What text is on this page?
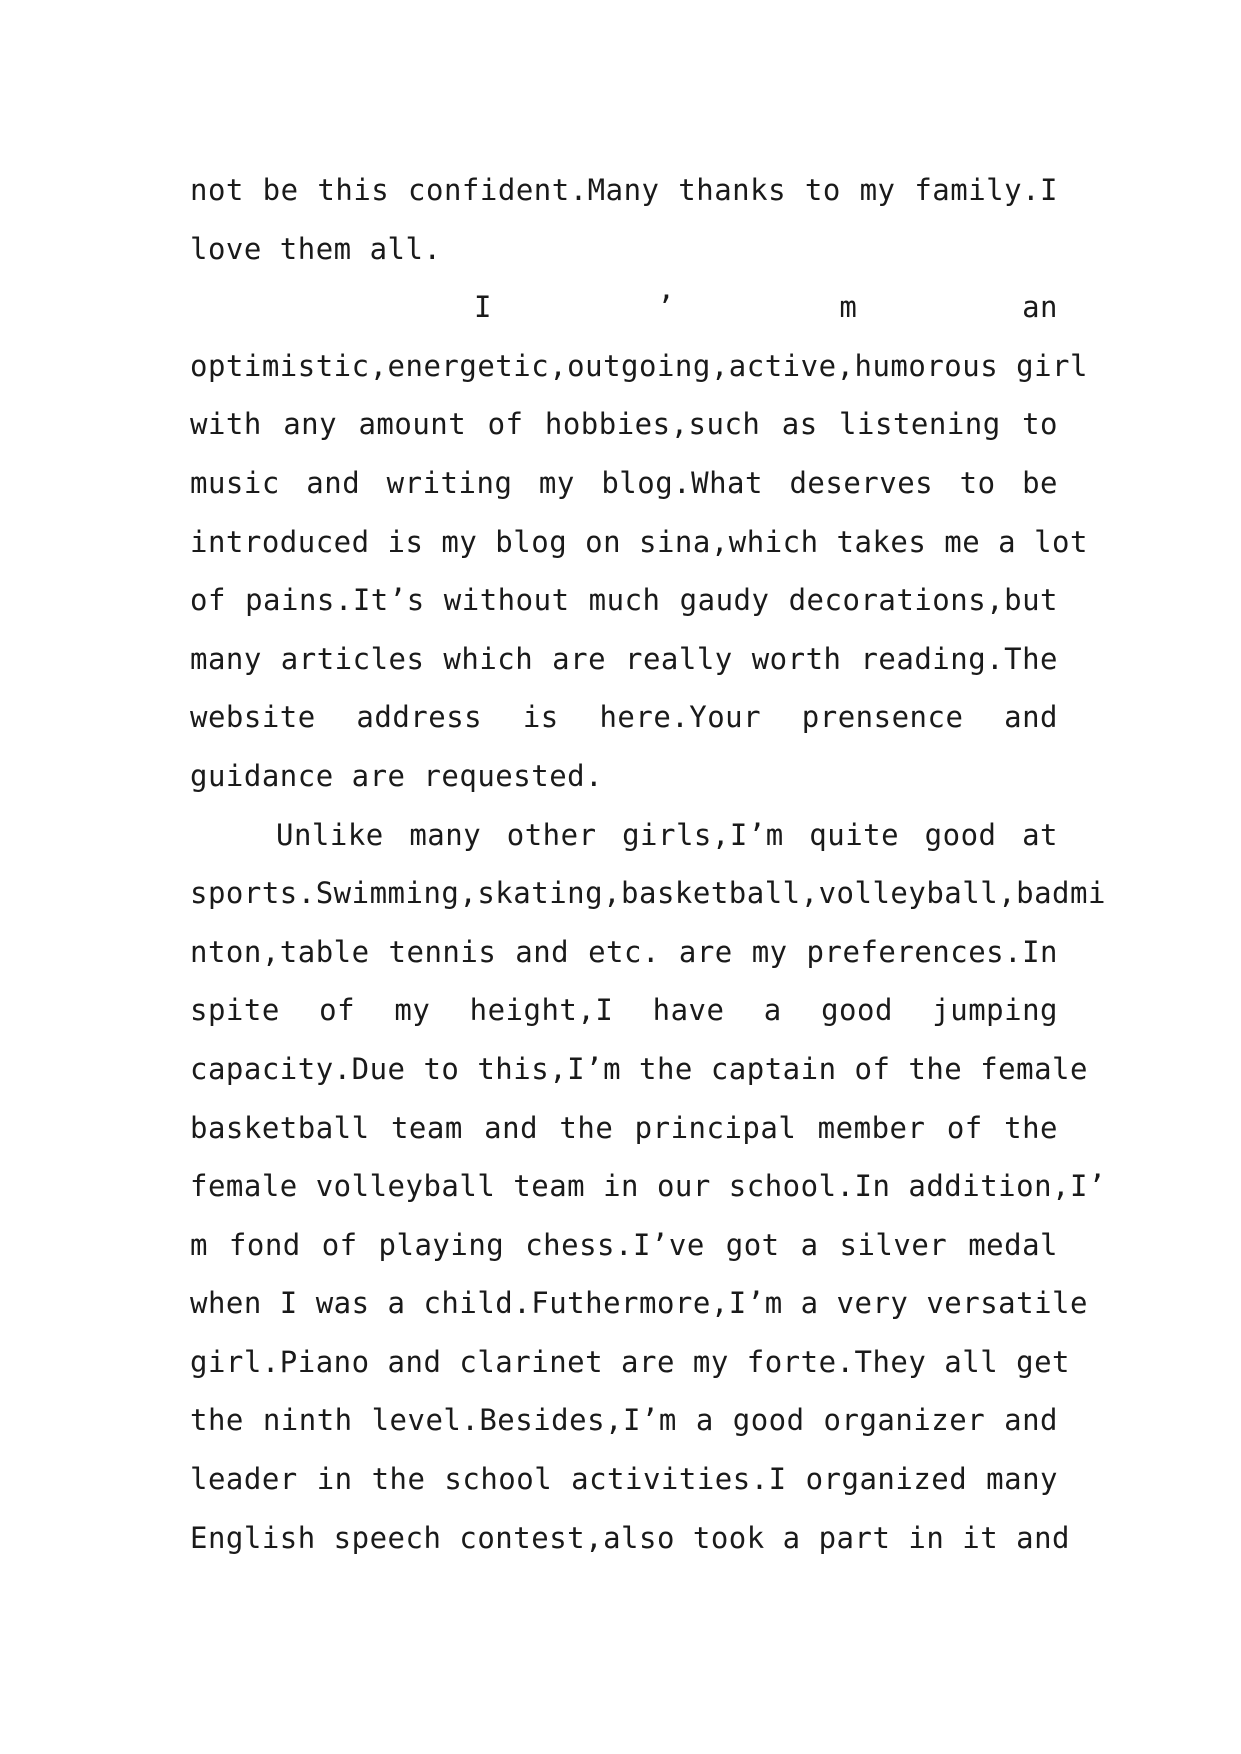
not be this confident.Many thanks to my family.I
love them all.
I ’ m an
optimistic,energetic,outgoing,active,humorous girl
with any amount of hobbies,such as listening to
music and writing my blog.What deserves to be
introduced is my blog on sina,which takes me a lot
of pains.It’s without much gaudy decorations,but
many articles which are really worth reading.The
website address is here.Your prensence and
guidance are requested.
Unlike many other girls,I’m quite good at
sports.Swimming,skating,basketball,volleyball,badmi
nton,table tennis and etc. are my preferences.In
spite of my height,I have a good jumping
capacity.Due to this,I’m the captain of the female
basketball team and the principal member of the
female volleyball team in our school.In addition,I’
m fond of playing chess.I’ve got a silver medal
when I was a child.Futhermore,I’m a very versatile
girl.Piano and clarinet are my forte.They all get
the ninth level.Besides,I’m a good organizer and
leader in the school activities.I organized many
English speech contest,also took a part in it and
